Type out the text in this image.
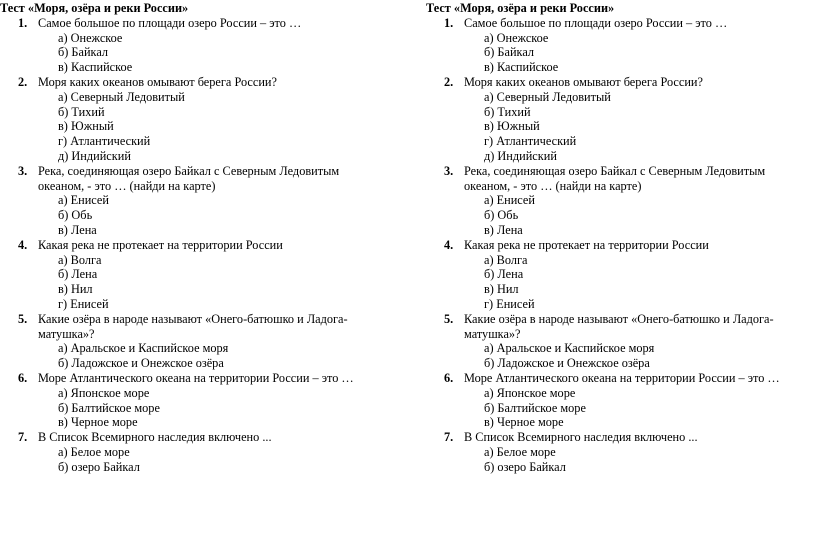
Тест «Моря, озёра и реки России»
1. Самое большое по площади озеро России – это …
а) Онежское
б) Байкал
в) Каспийское
2. Моря каких океанов омывают берега России?
а) Северный Ледовитый
б) Тихий
в) Южный
г) Атлантический
д) Индийский
3. Река, соединяющая озеро Байкал с Северным Ледовитым
океаном, - это … (найди на карте)
а) Енисей
б) Обь
в) Лена
4. Какая река не протекает на территории России
а) Волга
б) Лена
в) Нил
г) Енисей
5. Какие озёра в народе называют «Онего-батюшко и Ладога-
матушка»?
а) Аральское и Каспийское моря
б) Ладожское и Онежское озёра
6. Море Атлантического океана на территории России – это …
а) Японское море
б) Балтийское море
в) Черное море
7. В Список Всемирного наследия включено ...
а) Белое море
б) озеро Байкал
Тест «Моря, озёра и реки России»
1. Самое большое по площади озеро России – это …
а) Онежское
б) Байкал
в) Каспийское
2. Моря каких океанов омывают берега России?
а) Северный Ледовитый
б) Тихий
в) Южный
г) Атлантический
д) Индийский
3. Река, соединяющая озеро Байкал с Северным Ледовитым
океаном, - это … (найди на карте)
а) Енисей
б) Обь
в) Лена
4. Какая река не протекает на территории России
а) Волга
б) Лена
в) Нил
г) Енисей
5. Какие озёра в народе называют «Онего-батюшко и Ладога-
матушка»?
а) Аральское и Каспийское моря
б) Ладожское и Онежское озёра
6. Море Атлантического океана на территории России – это …
а) Японское море
б) Балтийское море
в) Черное море
7. В Список Всемирного наследия включено ...
а) Белое море
б) озеро Байкал
